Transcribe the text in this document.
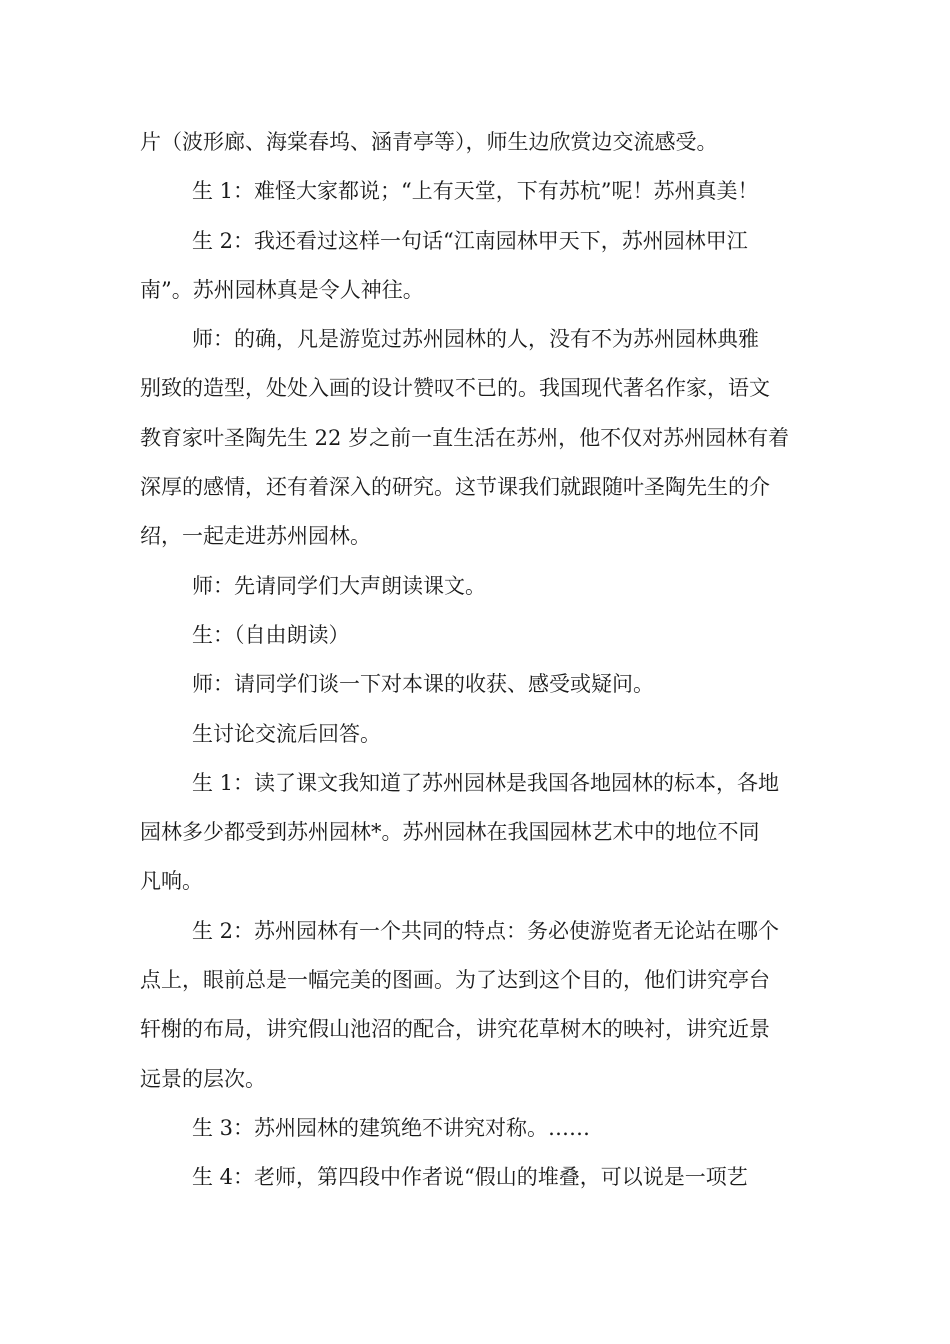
片（波形廊、海棠春坞、涵青亭等），师生边欣赏边交流感受。
生 1：难怪大家都说；“上有天堂，下有苏杭”呢！苏州真美！
生 2：我还看过这样一句话“江南园林甲天下，苏州园林甲江
南”。苏州园林真是令人神往。
师：的确，凡是游览过苏州园林的人，没有不为苏州园林典雅
别致的造型，处处入画的设计赞叹不已的。我国现代著名作家，语文
教育家叶圣陶先生 22 岁之前一直生活在苏州，他不仅对苏州园林有着
深厚的感情，还有着深入的研究。这节课我们就跟随叶圣陶先生的介
绍，一起走进苏州园林。
师：先请同学们大声朗读课文。
生：（自由朗读）
师：请同学们谈一下对本课的收获、感受或疑问。
生讨论交流后回答。
生 1：读了课文我知道了苏州园林是我国各地园林的标本，各地
园林多少都受到苏州园林*。苏州园林在我国园林艺术中的地位不同
凡响。
生 2：苏州园林有一个共同的特点：务必使游览者无论站在哪个
点上，眼前总是一幅完美的图画。为了达到这个目的，他们讲究亭台
轩榭的布局，讲究假山池沼的配合，讲究花草树木的映衬，讲究近景
远景的层次。
生 3：苏州园林的建筑绝不讲究对称。……
生 4：老师，第四段中作者说“假山的堆叠，可以说是一项艺
